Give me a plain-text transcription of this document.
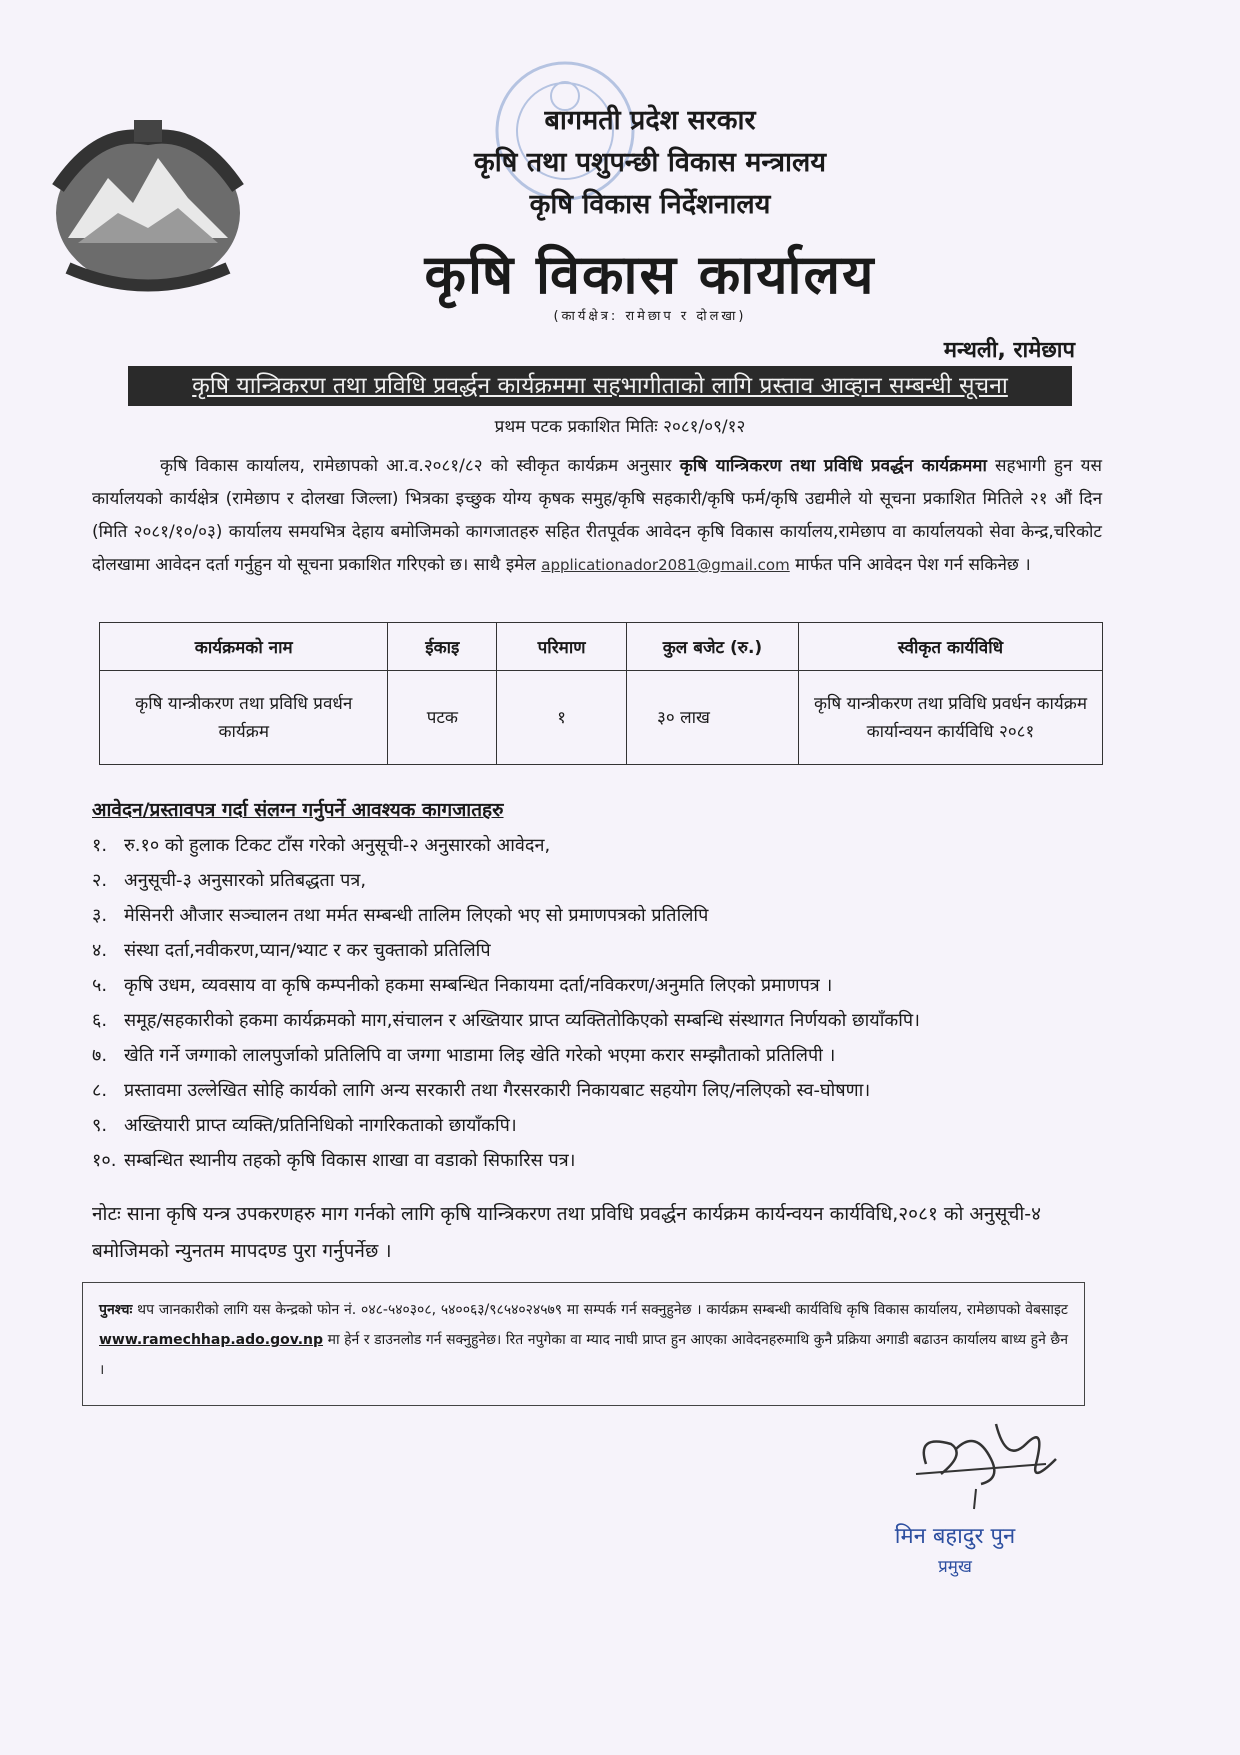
बागमती प्रदेश सरकार
कृषि तथा पशुपन्छी विकास मन्त्रालय
कृषि विकास निर्देशनालय
कृषि विकास कार्यालय
(कार्यक्षेत्र: रामेछाप र दोलखा)
मन्थली, रामेछाप
कृषि यान्त्रिकरण तथा प्रविधि प्रवर्द्धन कार्यक्रममा सहभागीताको लागि प्रस्ताव आव्हान सम्बन्धी सूचना
प्रथम पटक प्रकाशित मितिः २०८१/०९/१२
कृषि विकास कार्यालय, रामेछापको आ.व.२०८१/८२ को स्वीकृत कार्यक्रम अनुसार कृषि यान्त्रिकरण तथा प्रविधि प्रवर्द्धन कार्यक्रममा सहभागी हुन यस कार्यालयको कार्यक्षेत्र (रामेछाप र दोलखा जिल्ला) भित्रका इच्छुक योग्य कृषक समुह/कृषि सहकारी/कृषि फर्म/कृषि उद्यमीले यो सूचना प्रकाशित मितिले २१ औं दिन (मिति २०८१/१०/०३) कार्यालय समयभित्र देहाय बमोजिमको कागजातहरु सहित रीतपूर्वक आवेदन कृषि विकास कार्यालय,रामेछाप वा कार्यालयको सेवा केन्द्र,चरिकोट दोलखामा आवेदन दर्ता गर्नुहुन यो सूचना प्रकाशित गरिएको छ। साथै इमेल applicationador2081@gmail.com मार्फत पनि आवेदन पेश गर्न सकिनेछ ।
कार्यक्रमको नाम	ईकाइ	परिमाण	कुल बजेट (रु.)	स्वीकृत कार्यविधि
कृषि यान्त्रीकरण तथा प्रविधि प्रवर्धन कार्यक्रम	पटक	१	३० लाख	कृषि यान्त्रीकरण तथा प्रविधि प्रवर्धन कार्यक्रम कार्यान्वयन कार्यविधि २०८१
आवेदन/प्रस्तावपत्र गर्दा संलग्न गर्नुपर्ने आवश्यक कागजातहरु
१. रु.१० को हुलाक टिकट टाँस गरेको अनुसूची-२ अनुसारको आवेदन,
२. अनुसूची-३ अनुसारको प्रतिबद्धता पत्र,
३. मेसिनरी औजार सञ्चालन तथा मर्मत सम्बन्धी तालिम लिएको भए सो प्रमाणपत्रको प्रतिलिपि
४. संस्था दर्ता,नवीकरण,प्यान/भ्याट र कर चुक्ताको प्रतिलिपि
५. कृषि उधम, व्यवसाय वा कृषि कम्पनीको हकमा सम्बन्धित निकायमा दर्ता/नविकरण/अनुमति लिएको प्रमाणपत्र ।
६. समूह/सहकारीको हकमा कार्यक्रमको माग,संचालन र अख्तियार प्राप्त व्यक्तितोकिएको सम्बन्धि संस्थागत निर्णयको छायाँकपि।
७. खेति गर्ने जग्गाको लालपुर्जाको प्रतिलिपि वा जग्गा भाडामा लिइ खेति गरेको भएमा करार सम्झौताको प्रतिलिपी ।
८. प्रस्तावमा उल्लेखित सोहि कार्यको लागि अन्य सरकारी तथा गैरसरकारी निकायबाट सहयोग लिए/नलिएको स्व-घोषणा।
९. अख्तियारी प्राप्त व्यक्ति/प्रतिनिधिको नागरिकताको छायाँकपि।
१०. सम्बन्धित स्थानीय तहको कृषि विकास शाखा वा वडाको सिफारिस पत्र।
नोटः साना कृषि यन्त्र उपकरणहरु माग गर्नको लागि कृषि यान्त्रिकरण तथा प्रविधि प्रवर्द्धन कार्यक्रम कार्यन्वयन कार्यविधि,२०८१ को अनुसूची-४ बमोजिमको न्युनतम मापदण्ड पुरा गर्नुपर्नेछ ।
पुनश्चः थप जानकारीको लागि यस केन्द्रको फोन नं. ०४८-५४०३०८, ५४००६३/९८५४०२४५७९ मा सम्पर्क गर्न सक्नुहुनेछ । कार्यक्रम सम्बन्धी कार्यविधि कृषि विकास कार्यालय, रामेछापको वेबसाइट www.ramechhap.ado.gov.np मा हेर्न र डाउनलोड गर्न सक्नुहुनेछ। रित नपुगेका वा म्याद नाघी प्राप्त हुन आएका आवेदनहरुमाथि कुनै प्रक्रिया अगाडी बढाउन कार्यालय बाध्य हुने छैन ।
मिन बहादुर पुन
प्रमुख
